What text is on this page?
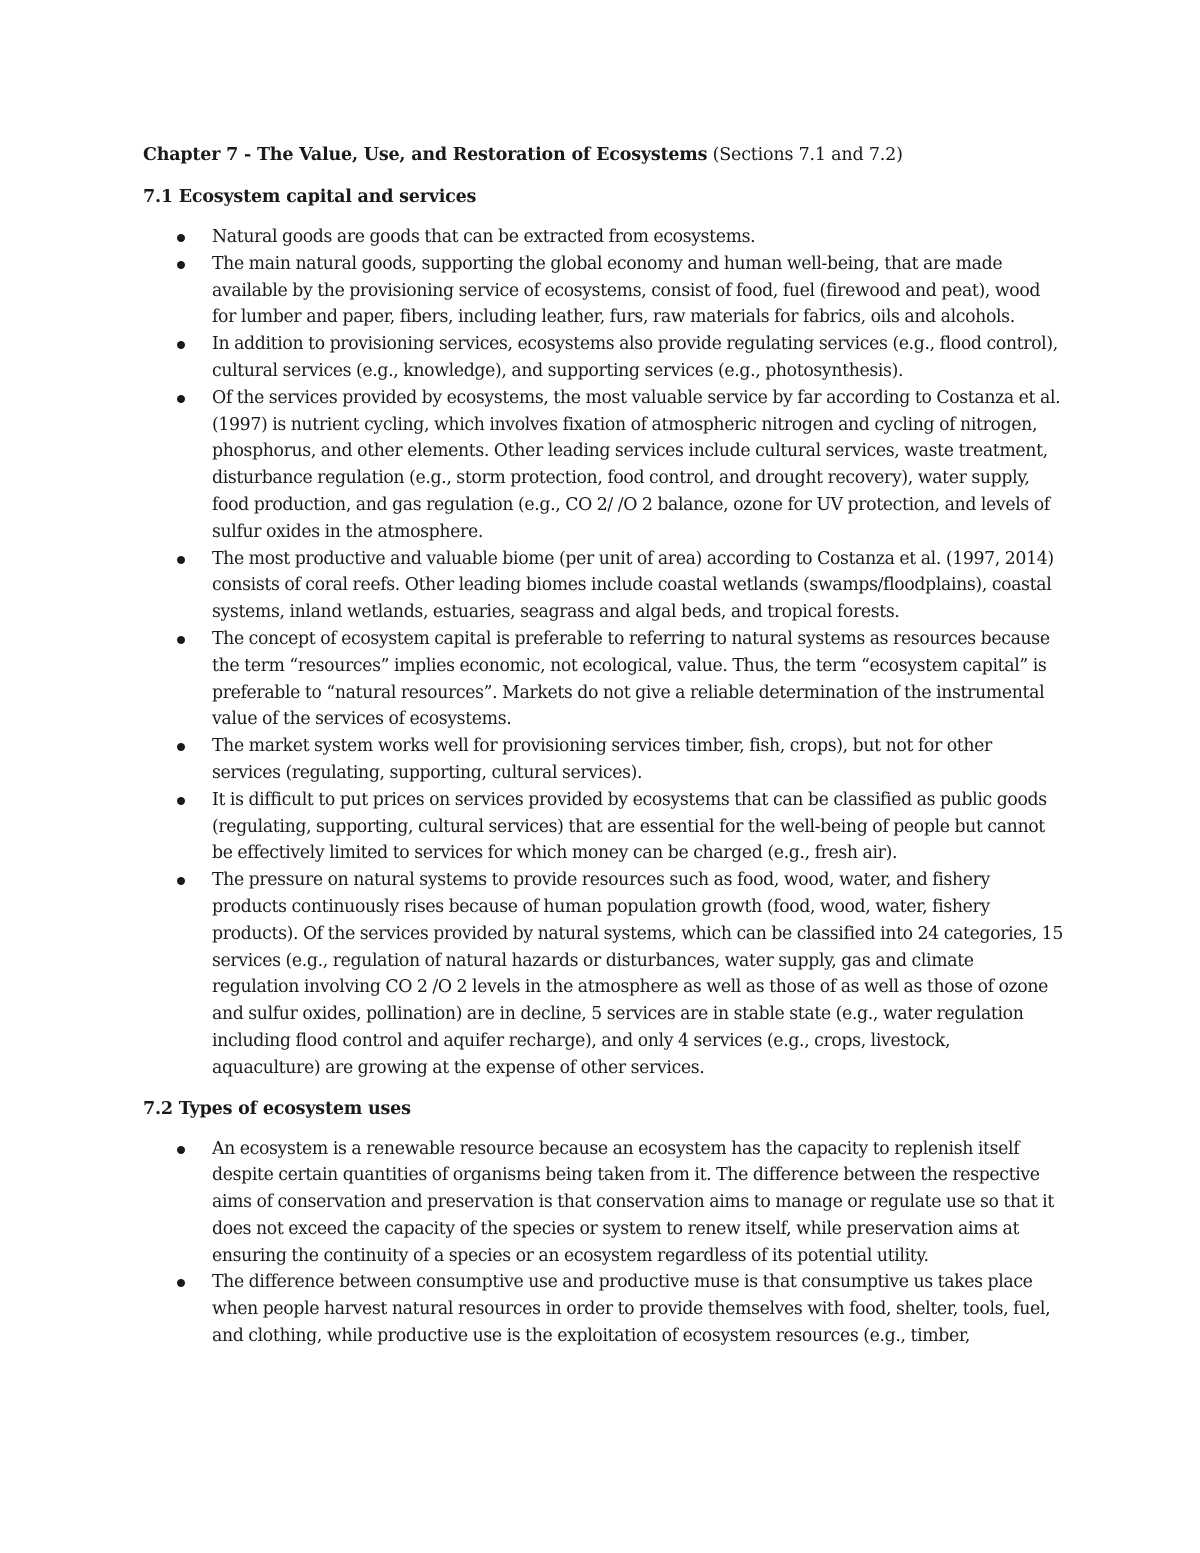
Chapter 7 - The Value, Use, and Restoration of Ecosystems (Sections 7.1 and 7.2)
7.1 Ecosystem capital and services
Natural goods are goods that can be extracted from ecosystems.
The main natural goods, supporting the global economy and human well-being, that are made available by the provisioning service of ecosystems, consist of food, fuel (firewood and peat), wood for lumber and paper, fibers, including leather, furs, raw materials for fabrics, oils and alcohols.
In addition to provisioning services, ecosystems also provide regulating services (e.g., flood control), cultural services (e.g., knowledge), and supporting services (e.g., photosynthesis).
Of the services provided by ecosystems, the most valuable service by far according to Costanza et al. (1997) is nutrient cycling, which involves fixation of atmospheric nitrogen and cycling of nitrogen, phosphorus, and other elements. Other leading services include cultural services, waste treatment, disturbance regulation (e.g., storm protection, food control, and drought recovery), water supply, food production, and gas regulation (e.g., CO 2/ /O 2 balance, ozone for UV protection, and levels of sulfur oxides in the atmosphere.
The most productive and valuable biome (per unit of area) according to Costanza et al. (1997, 2014) consists of coral reefs. Other leading biomes include coastal wetlands (swamps/floodplains), coastal systems, inland wetlands, estuaries, seagrass and algal beds, and tropical forests.
The concept of ecosystem capital is preferable to referring to natural systems as resources because the term “resources” implies economic, not ecological, value. Thus, the term “ecosystem capital” is preferable to “natural resources”. Markets do not give a reliable determination of the instrumental value of the services of ecosystems.
The market system works well for provisioning services timber, fish, crops), but not for other services (regulating, supporting, cultural services).
It is difficult to put prices on services provided by ecosystems that can be classified as public goods (regulating, supporting, cultural services) that are essential for the well-being of people but cannot be effectively limited to services for which money can be charged (e.g., fresh air).
The pressure on natural systems to provide resources such as food, wood, water, and fishery products continuously rises because of human population growth (food, wood, water, fishery products). Of the services provided by natural systems, which can be classified into 24 categories, 15 services (e.g., regulation of natural hazards or disturbances, water supply, gas and climate regulation involving CO 2 /O 2 levels in the atmosphere as well as those of as well as those of ozone and sulfur oxides, pollination) are in decline, 5 services are in stable state (e.g., water regulation including flood control and aquifer recharge), and only 4 services (e.g., crops, livestock, aquaculture) are growing at the expense of other services.
7.2 Types of ecosystem uses
An ecosystem is a renewable resource because an ecosystem has the capacity to replenish itself despite certain quantities of organisms being taken from it. The difference between the respective aims of conservation and preservation is that conservation aims to manage or regulate use so that it does not exceed the capacity of the species or system to renew itself, while preservation aims at ensuring the continuity of a species or an ecosystem regardless of its potential utility.
The difference between consumptive use and productive muse is that consumptive us takes place when people harvest natural resources in order to provide themselves with food, shelter, tools, fuel, and clothing, while productive use is the exploitation of ecosystem resources (e.g., timber,
